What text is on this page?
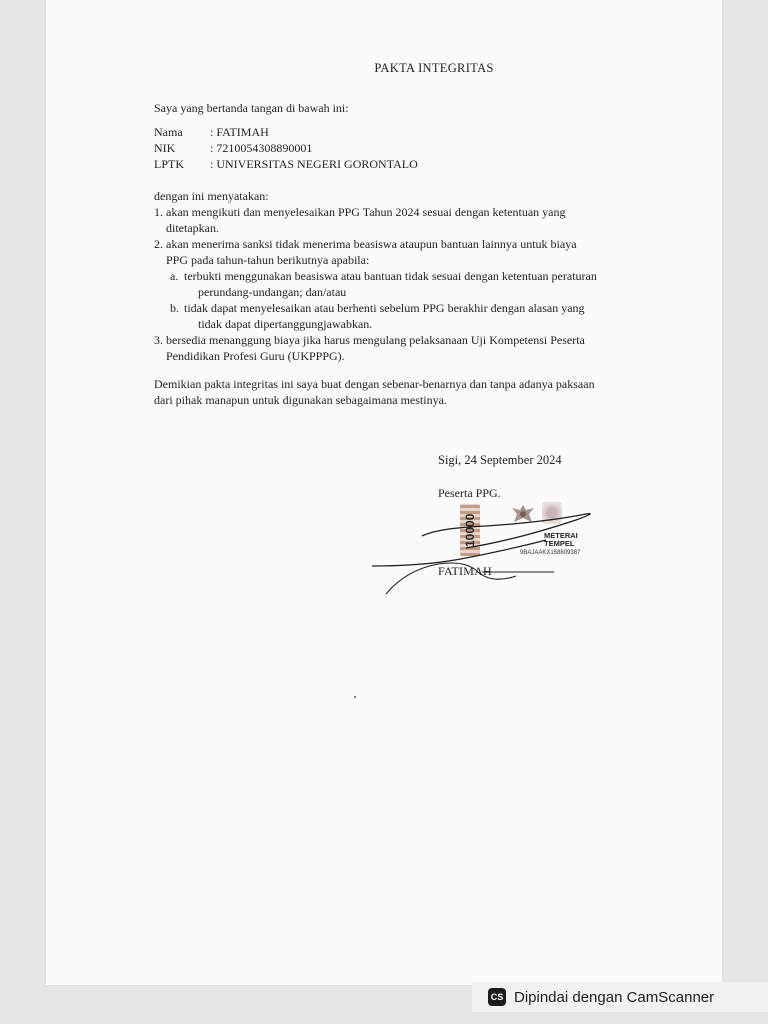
PAKTA INTEGRITAS
Saya yang bertanda tangan di bawah ini:
Nama	: FATIMAH
NIK	: 7210054308890001
LPTK	: UNIVERSITAS NEGERI GORONTALO
dengan ini menyatakan:
1. akan mengikuti dan menyelesaikan PPG Tahun 2024 sesuai dengan ketentuan yang
ditetapkan.
2. akan menerima sanksi tidak menerima beasiswa ataupun bantuan lainnya untuk biaya
PPG pada tahun-tahun berikutnya apabila:
a. terbukti menggunakan beasiswa atau bantuan tidak sesuai dengan ketentuan peraturan
perundang-undangan; dan/atau
b. tidak dapat menyelesaikan atau berhenti sebelum PPG berakhir dengan alasan yang
tidak dapat dipertanggungjawabkan.
3. bersedia menanggung biaya jika harus mengulang pelaksanaan Uji Kompetensi Peserta
Pendidikan Profesi Guru (UKPPPG).
Demikian pakta integritas ini saya buat dengan sebenar-benarnya dan tanpa adanya paksaan
dari pihak manapun untuk digunakan sebagaimana mestinya.
Sigi, 24 September 2024
Peserta PPG.
10000	METERAI
TEMPEL
9BAJAAKX158809387
FATIMAH
CS Dipindai dengan CamScanner
